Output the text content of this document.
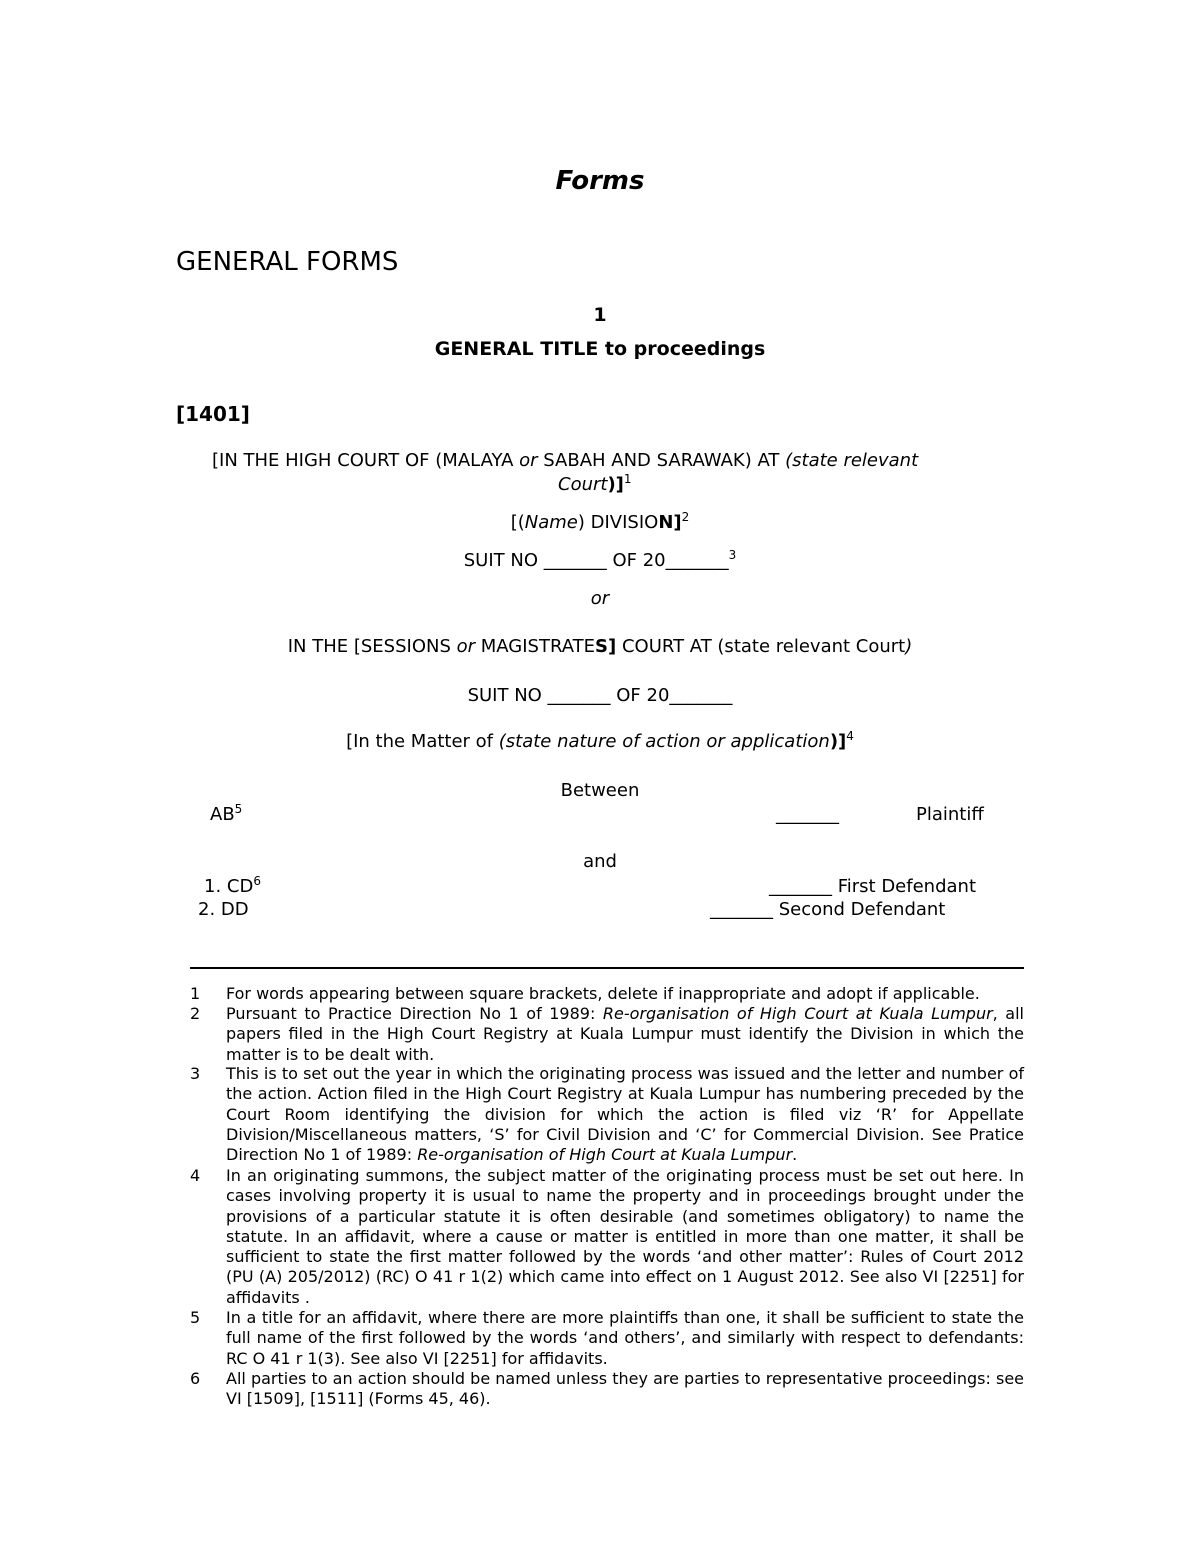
Forms
GENERAL FORMS
1
GENERAL TITLE to proceedings
[1401]
[IN THE HIGH COURT OF (MALAYA or SABAH AND SARAWAK) AT (state relevant
Court)]$^1$
[(Name) DIVISION]$^2$
SUIT NO _______ OF 20_______$^3$
or
IN THE [SESSIONS or MAGISTRATES] COURT AT (state relevant Court)
SUIT NO _______ OF 20_______
[In the Matter of (state nature of action or application)]$^4$
Between
$AB^5$	_______	Plaintiff
and
1. $CD^6$	_______ First Defendant
2. DD	_______ Second Defendant
1	For words appearing between square brackets, delete if inappropriate and adopt if applicable.
2	Pursuant to Practice Direction No 1 of 1989: Re-organisation of High Court at Kuala Lumpur, all papers filed in the High Court Registry at Kuala Lumpur must identify the Division in which the matter is to be dealt with.
3	This is to set out the year in which the originating process was issued and the letter and number of the action. Action filed in the High Court Registry at Kuala Lumpur has numbering preceded by the Court Room identifying the division for which the action is filed viz ‘R’ for Appellate Division/Miscellaneous matters, ‘S’ for Civil Division and ‘C’ for Commercial Division. See Pratice Direction No 1 of 1989: Re-organisation of High Court at Kuala Lumpur.
4	In an originating summons, the subject matter of the originating process must be set out here. In cases involving property it is usual to name the property and in proceedings brought under the provisions of a particular statute it is often desirable (and sometimes obligatory) to name the statute. In an affidavit, where a cause or matter is entitled in more than one matter, it shall be sufficient to state the first matter followed by the words ‘and other matter’: Rules of Court 2012 (PU (A) 205/2012) (RC) O 41 r 1(2) which came into effect on 1 August 2012. See also VI [2251] for affidavits .
5	In a title for an affidavit, where there are more plaintiffs than one, it shall be sufficient to state the full name of the first followed by the words ‘and others’, and similarly with respect to defendants: RC O 41 r 1(3). See also VI [2251] for affidavits.
6	All parties to an action should be named unless they are parties to representative proceedings: see VI [1509], [1511] (Forms 45, 46).
